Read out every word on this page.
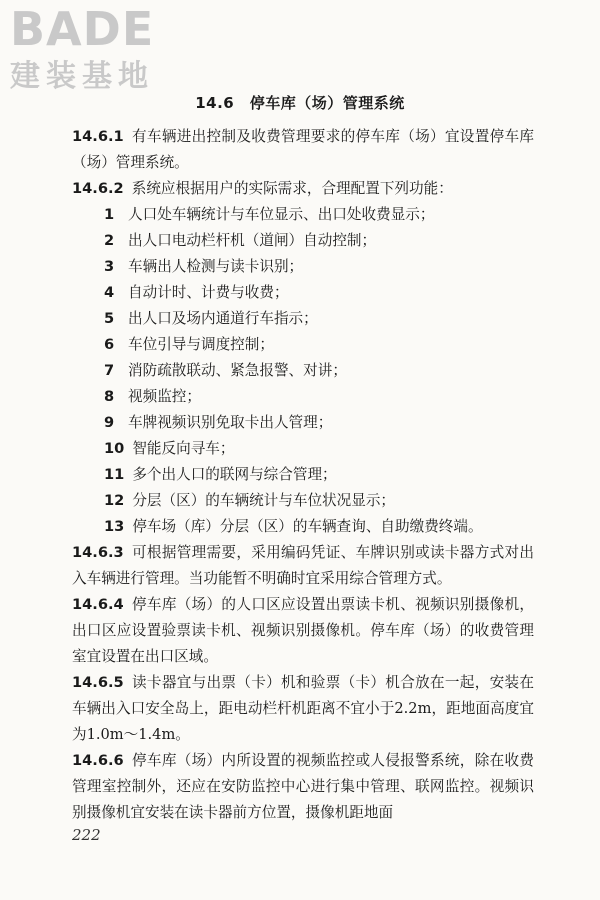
BADE
建装基地
14.6　停车库（场）管理系统
14.6.1 有车辆进出控制及收费管理要求的停车库（场）宜设置停车库（场）管理系统。
14.6.2 系统应根据用户的实际需求，合理配置下列功能：
1 人口处车辆统计与车位显示、出口处收费显示；
2 出人口电动栏杆机（道闸）自动控制；
3 车辆出人检测与读卡识别；
4 自动计时、计费与收费；
5 出人口及场内通道行车指示；
6 车位引导与调度控制；
7 消防疏散联动、紧急报警、对讲；
8 视频监控；
9 车牌视频识别免取卡出人管理；
10 智能反向寻车；
11 多个出人口的联网与综合管理；
12 分层（区）的车辆统计与车位状况显示；
13 停车场（库）分层（区）的车辆查询、自助缴费终端。
14.6.3 可根据管理需要，采用编码凭证、车牌识别或读卡器方式对出入车辆进行管理。当功能暂不明确时宜采用综合管理方式。
14.6.4 停车库（场）的人口区应设置出票读卡机、视频识别摄像机，出口区应设置验票读卡机、视频识别摄像机。停车库（场）的收费管理室宜设置在出口区域。
14.6.5 读卡器宜与出票（卡）机和验票（卡）机合放在一起，安装在车辆出入口安全岛上，距电动栏杆机距离不宜小于2.2m，距地面高度宜为1.0m～1.4m。
14.6.6 停车库（场）内所设置的视频监控或人侵报警系统，除在收费管理室控制外，还应在安防监控中心进行集中管理、联网监控。视频识别摄像机宜安装在读卡器前方位置，摄像机距地面
222
